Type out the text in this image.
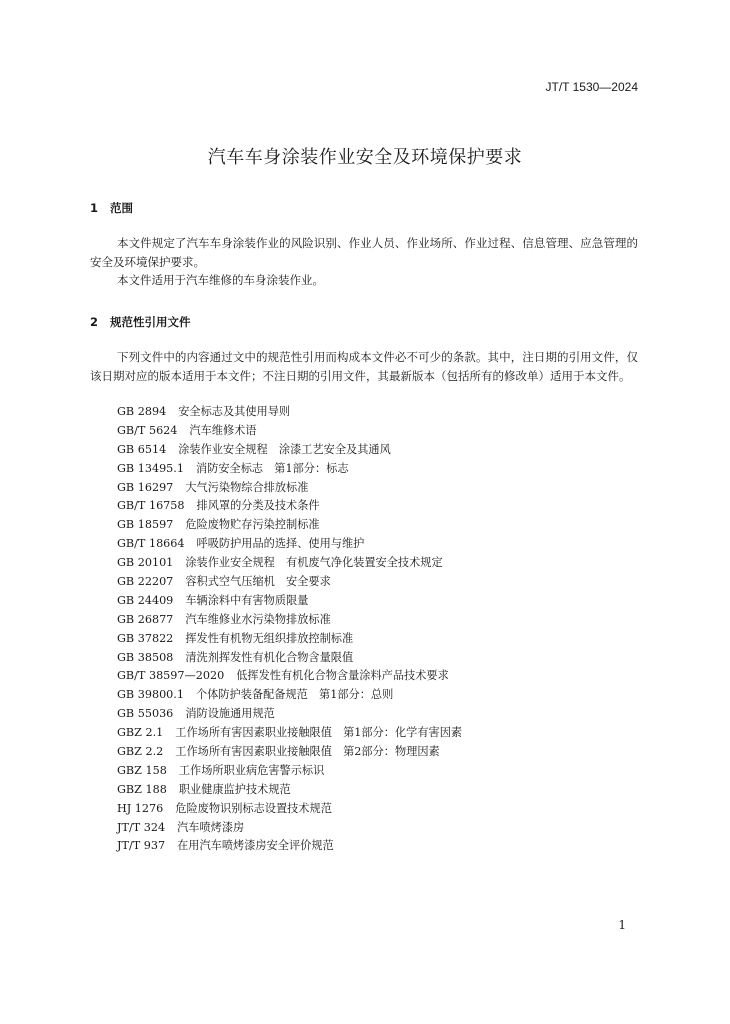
JT/T 1530—2024
汽车车身涂装作业安全及环境保护要求
1 范围

本文件规定了汽车车身涂装作业的风险识别、作业人员、作业场所、作业过程、信息管理、应急管理的安全及环境保护要求。

本文件适用于汽车维修的车身涂装作业。

2 规范性引用文件

下列文件中的内容通过文中的规范性引用而构成本文件必不可少的条款。其中，注日期的引用文件，仅该日期对应的版本适用于本文件；不注日期的引用文件，其最新版本（包括所有的修改单）适用于本文件。

GB 2894 安全标志及其使用导则
GB/T 5624 汽车维修术语
GB 6514 涂装作业安全规程　涂漆工艺安全及其通风
GB 13495.1 消防安全标志　第1部分：标志
GB 16297 大气污染物综合排放标准
GB/T 16758 排风罩的分类及技术条件
GB 18597 危险废物贮存污染控制标准
GB/T 18664 呼吸防护用品的选择、使用与维护
GB 20101 涂装作业安全规程　有机废气净化装置安全技术规定
GB 22207 容积式空气压缩机　安全要求
GB 24409 车辆涂料中有害物质限量
GB 26877 汽车维修业水污染物排放标准
GB 37822 挥发性有机物无组织排放控制标准
GB 38508 清洗剂挥发性有机化合物含量限值
GB/T 38597—2020 低挥发性有机化合物含量涂料产品技术要求
GB 39800.1 个体防护装备配备规范　第1部分：总则
GB 55036 消防设施通用规范
GBZ 2.1 工作场所有害因素职业接触限值　第1部分：化学有害因素
GBZ 2.2 工作场所有害因素职业接触限值　第2部分：物理因素
GBZ 158 工作场所职业病危害警示标识
GBZ 188 职业健康监护技术规范
HJ 1276 危险废物识别标志设置技术规范
JT/T 324 汽车喷烤漆房
JT/T 937 在用汽车喷烤漆房安全评价规范
1
